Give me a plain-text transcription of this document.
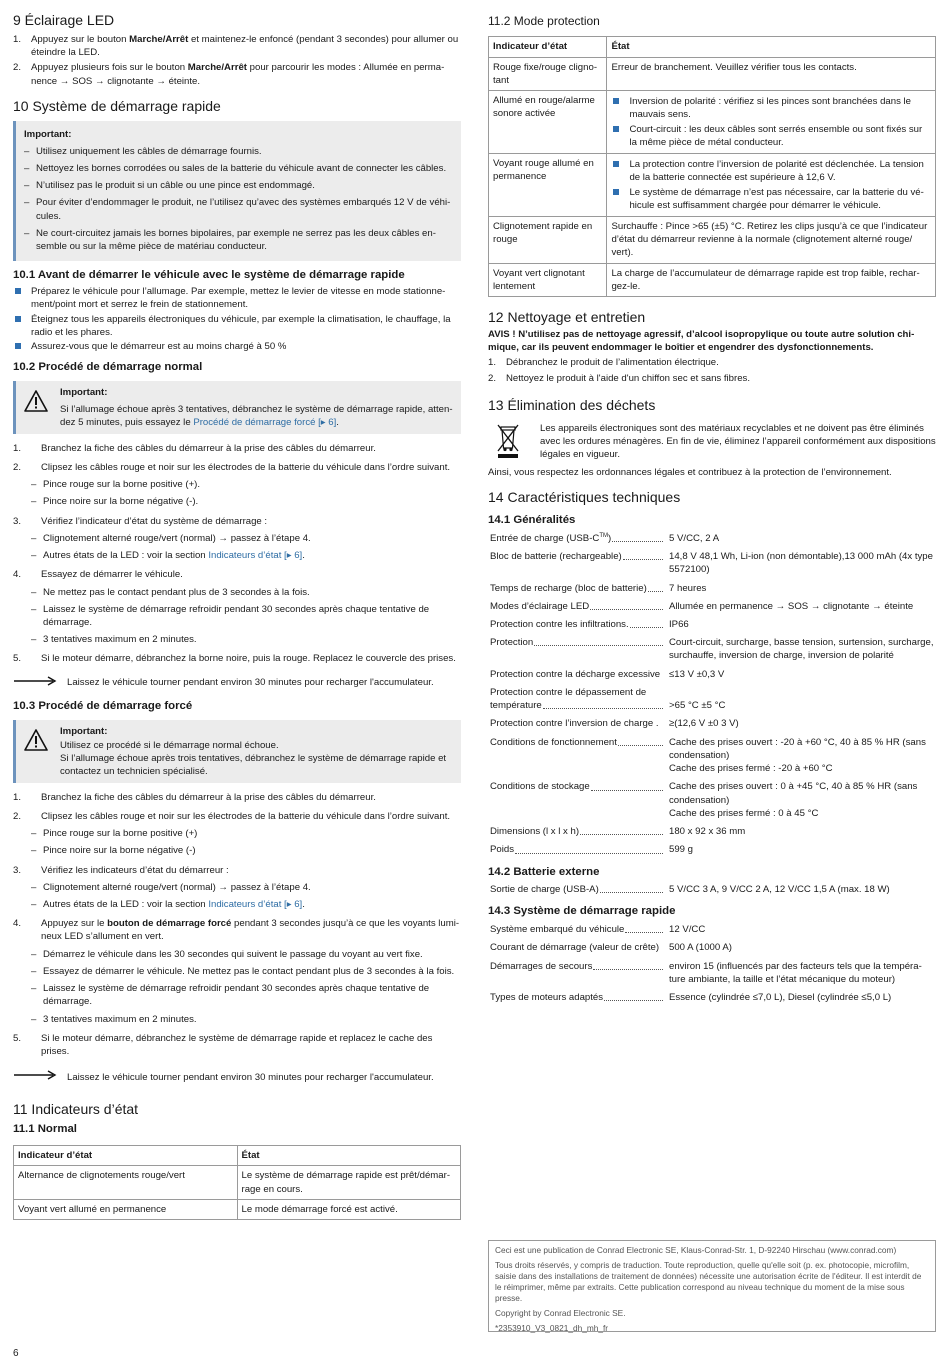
9 Éclairage LED
1. Appuyez sur le bouton Marche/Arrêt et maintenez-le enfoncé (pendant 3 secondes) pour allumer ou éteindre la LED.
2. Appuyez plusieurs fois sur le bouton Marche/Arrêt pour parcourir les modes : Allumée en permanence → SOS → clignotante → éteinte.
10 Système de démarrage rapide
Important:
– Utilisez uniquement les câbles de démarrage fournis.
– Nettoyez les bornes corrodées ou sales de la batterie du véhicule avant de connecter les câbles.
– N’utilisez pas le produit si un câble ou une pince est endommagé.
– Pour éviter d’endommager le produit, ne l’utilisez qu’avec des systèmes embarqués 12 V de véhicules.
– Ne court-circuitez jamais les bornes bipolaires, par exemple ne serrez pas les deux câbles ensemble ou sur la même pièce de matériau conducteur.
10.1 Avant de démarrer le véhicule avec le système de démarrage rapide
Préparez le véhicule pour l’allumage. Par exemple, mettez le levier de vitesse en mode stationnement/point mort et serrez le frein de stationnement.
Éteignez tous les appareils électroniques du véhicule, par exemple la climatisation, le chauffage, la radio et les phares.
Assurez-vous que le démarreur est au moins chargé à 50 %
10.2 Procédé de démarrage normal
Important:
Si l’allumage échoue après 3 tentatives, débranchez le système de démarrage rapide, attendez 5 minutes, puis essayez le Procédé de démarrage forcé [▸ 6].
1. Branchez la fiche des câbles du démarreur à la prise des câbles du démarreur.
2. Clipsez les câbles rouge et noir sur les électrodes de la batterie du véhicule dans l’ordre suivant.
– Pince rouge sur la borne positive (+).
– Pince noire sur la borne négative (-).
3. Vérifiez l’indicateur d’état du système de démarrage :
– Clignotement alterné rouge/vert (normal) → passez à l’étape 4.
– Autres états de la LED : voir la section Indicateurs d’état [▸ 6].
4. Essayez de démarrer le véhicule.
– Ne mettez pas le contact pendant plus de 3 secondes à la fois.
– Laissez le système de démarrage refroidir pendant 30 secondes après chaque tentative de démarrage.
– 3 tentatives maximum en 2 minutes.
5. Si le moteur démarre, débranchez la borne noire, puis la rouge. Replacez le couvercle des prises.
Laissez le véhicule tourner pendant environ 30 minutes pour recharger l'accumulateur.
10.3 Procédé de démarrage forcé
Important:
Utilisez ce procédé si le démarrage normal échoue.
Si l’allumage échoue après trois tentatives, débranchez le système de démarrage rapide et contactez un technicien spécialisé.
1. Branchez la fiche des câbles du démarreur à la prise des câbles du démarreur.
2. Clipsez les câbles rouge et noir sur les électrodes de la batterie du véhicule dans l’ordre suivant.
– Pince rouge sur la borne positive (+)
– Pince noire sur la borne négative (-)
3. Vérifiez les indicateurs d’état du démarreur :
– Clignotement alterné rouge/vert (normal) → passez à l’étape 4.
– Autres états de la LED : voir la section Indicateurs d’état [▸ 6].
4. Appuyez sur le bouton de démarrage forcé pendant 3 secondes jusqu’à ce que les voyants lumineux LED s’allument en vert.
– Démarrez le véhicule dans les 30 secondes qui suivent le passage du voyant au vert fixe.
– Essayez de démarrer le véhicule. Ne mettez pas le contact pendant plus de 3 secondes à la fois.
– Laissez le système de démarrage refroidir pendant 30 secondes après chaque tentative de démarrage.
– 3 tentatives maximum en 2 minutes.
5. Si le moteur démarre, débranchez le système de démarrage rapide et replacez le cache des prises.
Laissez le véhicule tourner pendant environ 30 minutes pour recharger l'accumulateur.
11 Indicateurs d’état
11.1 Normal
Indicateur d’état	État
Alternance de clignotements rouge/vert	Le système de démarrage rapide est prêt/démarrage en cours.
Voyant vert allumé en permanence	Le mode démarrage forcé est activé.
11.2 Mode protection
Indicateur d’état	État
Rouge fixe/rouge clignotant	Erreur de branchement. Veuillez vérifier tous les contacts.
Allumé en rouge/alarme sonore activée	Inversion de polarité : vérifiez si les pinces sont branchées dans le mauvais sens.
Court-circuit : les deux câbles sont serrés ensemble ou sont fixés sur la même pièce de métal conducteur.

Voyant rouge allumé en permanence	La protection contre l’inversion de polarité est déclenchée. La tension de la batterie connectée est supérieure à 12,6 V.
Le système de démarrage n’est pas nécessaire, car la batterie du véhicule est suffisamment chargée pour démarrer le véhicule.

Clignotement rapide en rouge	Surchauffe : Pince >65 (±5) °C. Retirez les clips jusqu’à ce que l’indicateur d’état du démarreur revienne à la normale (clignotement alterné rouge/ vert).
Voyant vert clignotant lentement	La charge de l’accumulateur de démarrage rapide est trop faible, rechargez-le.
12 Nettoyage et entretien

AVIS ! N’utilisez pas de nettoyage agressif, d’alcool isopropylique ou toute autre solution chimique, car ils peuvent endommager le boîtier et engendrer des dysfonctionnements.

1. Débranchez le produit de l’alimentation électrique.
2. Nettoyez le produit à l'aide d'un chiffon sec et sans fibres.
13 Élimination des déchets

Les appareils électroniques sont des matériaux recyclables et ne doivent pas être éliminés avec les ordures ménagères. En fin de vie, éliminez l’appareil conformément aux dispositions légales en vigueur.

Ainsi, vous respectez les ordonnances légales et contribuez à la protection de l’environnement.

14 Caractéristiques techniques
14.1 Généralités
Entrée de charge (USB-C™)	5 V/CC, 2 A

Bloc de batterie (rechargeable)	14,8 V 48,1 Wh, Li-ion (non démontable),13 000 mAh (4x type 5572100)

Temps de recharge (bloc de batterie)	7 heures

Modes d’éclairage LED	Allumée en permanence → SOS → clignotante → éteinte

Protection contre les infiltrations.	IP66

Protection	Court-circuit, surcharge, basse tension, surtension, surcharge, surchauffe, inversion de charge, inversion de polarité

Protection contre la décharge excessive	≤13 V ±0,3 V

Protection contre le dépassement de
température	>65 °C ±5 °C

Protection contre l’inversion de charge .	≥(12,6 V ±0 3 V)

Conditions de fonctionnement	Cache des prises ouvert : -20 à +60 °C, 40 à 85 % HR (sans condensation)
Cache des prises fermé : -20 à +60 °C

Conditions de stockage	Cache des prises ouvert : 0 à +45 °C, 40 à 85 % HR (sans condensation)
Cache des prises fermé : 0 à 45 °C

Dimensions (l x l x h)	180 x 92 x 36 mm

Poids	599 g
14.2 Batterie externe
Sortie de charge (USB-A)	5 V/CC 3 A, 9 V/CC 2 A, 12 V/CC 1,5 A (max. 18 W)
14.3 Système de démarrage rapide
Système embarqué du véhicule	12 V/CC

Courant de démarrage (valeur de crête)	500 A (1000 A)

Démarrages de secours	environ 15 (influencés par des facteurs tels que la température ambiante, la taille et l’état mécanique du moteur)

Types de moteurs adaptés	Essence (cylindrée ≤7,0 L), Diesel (cylindrée ≤5,0 L)

Ceci est une publication de Conrad Electronic SE, Klaus-Conrad-Str. 1, D-92240 Hirschau (www.conrad.com)

Tous droits réservés, y compris de traduction. Toute reproduction, quelle qu'elle soit (p. ex. photocopie, microfilm, saisie dans des installations de traitement de données) nécessite une autorisation écrite de l'éditeur. Il est interdit de le réimprimer, même par extraits. Cette publication correspond au niveau technique du moment de la mise sous presse.

Copyright by Conrad Electronic SE.

*2353910_V3_0821_dh_mh_fr

6
